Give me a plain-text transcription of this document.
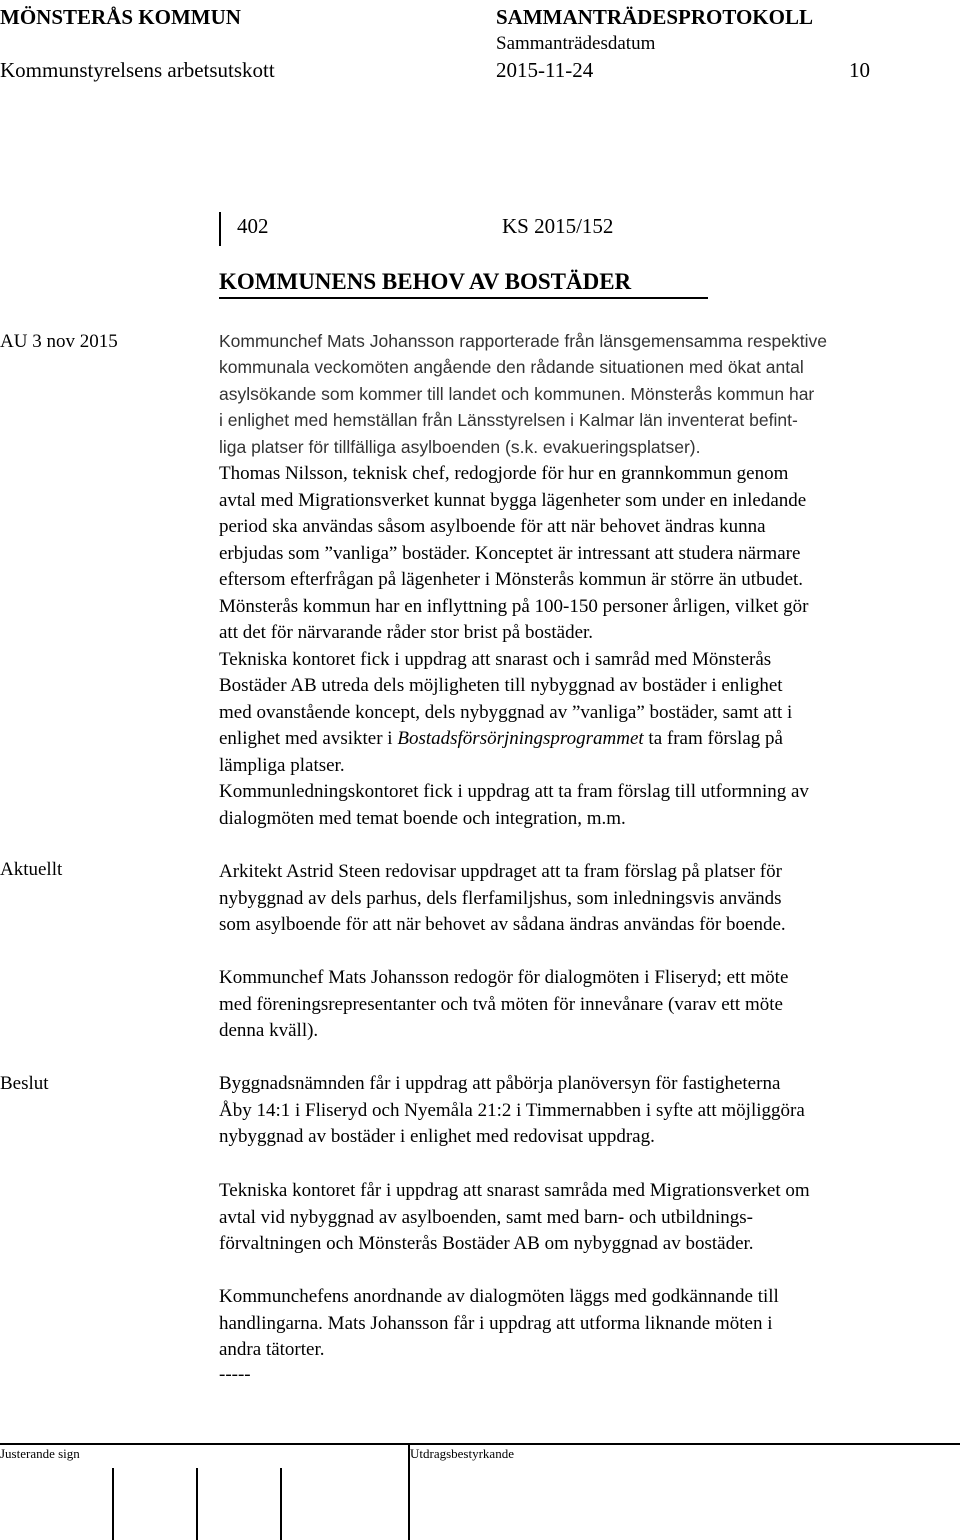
MÖNSTERÅS KOMMUN	SAMMANTRÄDESPROTOKOLL
Sammanträdesdatum
Kommunstyrelsens arbetsutskott	2015-11-24	10
402	KS 2015/152
KOMMUNENS BEHOV AV BOSTÄDER
AU 3 nov 2015
Aktuellt
Beslut
Kommunchef Mats Johansson rapporterade från länsgemensamma respektive
kommunala veckomöten angående den rådande situationen med ökat antal
asylsökande som kommer till landet och kommunen. Mönsterås kommun har
i enlighet med hemställan från Länsstyrelsen i Kalmar län inventerat befint-
liga platser för tillfälliga asylboenden (s.k. evakueringsplatser).
Thomas Nilsson, teknisk chef, redogjorde för hur en grannkommun genom
avtal med Migrationsverket kunnat bygga lägenheter som under en inledande
period ska användas såsom asylboende för att när behovet ändras kunna
erbjudas som ”vanliga” bostäder. Konceptet är intressant att studera närmare
eftersom efterfrågan på lägenheter i Mönsterås kommun är större än utbudet.
Mönsterås kommun har en inflyttning på 100-150 personer årligen, vilket gör
att det för närvarande råder stor brist på bostäder.
Tekniska kontoret fick i uppdrag att snarast och i samråd med Mönsterås
Bostäder AB utreda dels möjligheten till nybyggnad av bostäder i enlighet
med ovanstående koncept, dels nybyggnad av ”vanliga” bostäder, samt att i
enlighet med avsikter i Bostadsförsörjningsprogrammet ta fram förslag på
lämpliga platser.
Kommunledningskontoret fick i uppdrag att ta fram förslag till utformning av
dialogmöten med temat boende och integration, m.m.
Arkitekt Astrid Steen redovisar uppdraget att ta fram förslag på platser för
nybyggnad av dels parhus, dels flerfamiljshus, som inledningsvis används
som asylboende för att när behovet av sådana ändras användas för boende.
Kommunchef Mats Johansson redogör för dialogmöten i Fliseryd; ett möte
med föreningsrepresentanter och två möten för innevånare (varav ett möte
denna kväll).
Byggnadsnämnden får i uppdrag att påbörja planöversyn för fastigheterna
Åby 14:1 i Fliseryd och Nyemåla 21:2 i Timmernabben i syfte att möjliggöra
nybyggnad av bostäder i enlighet med redovisat uppdrag.
Tekniska kontoret får i uppdrag att snarast samråda med Migrationsverket om
avtal vid nybyggnad av asylboenden, samt med barn- och utbildnings-
förvaltningen och Mönsterås Bostäder AB om nybyggnad av bostäder.
Kommunchefens anordnande av dialogmöten läggs med godkännande till
handlingarna. Mats Johansson får i uppdrag att utforma liknande möten i
andra tätorter.
-----
Justerande sign	Utdragsbestyrkande
